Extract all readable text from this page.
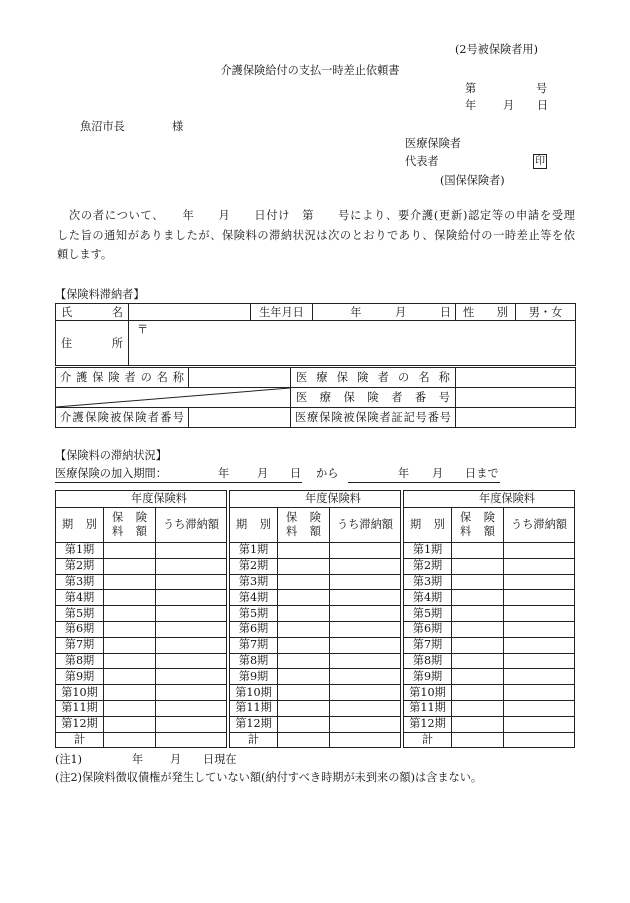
(2号被保険者用)
介護保険給付の支払一時差止依頼書
第	号
年 月 日
魚沼市長	様
医療保険者
代表者	印
(国保保険者)
　次の者について、　　年　　月　　日付け　第　　号により、要介護(更新)認定等の申請を受理
した旨の通知がありましたが、保険料の滞納状況は次のとおりであり、保険給付の一時差止等を依
頼します。
【保険料滞納者】
氏　　名		生年月日	年　　　月　　　日	性　別	男・女
住　　所	〒				
介 護 保 険 者 の 名 称		医 療 保 険 者 の 名 称	

	医 療 保 険 者 番 号	
介護保険被保険者番号		医療保険被保険者証記号番号	
【保険料の滞納状況】
医療保険の加入期間：	年 月 日 から	年 月 日まで
年度保険料		
期　別	保　険
料　額	うち滞納額
第1期		
第2期		
第3期		
第4期		
第5期		
第6期		
第7期		
第8期		
第9期		
第10期		
第11期		
第12期		
計		
年度保険料		
期　別	保　険
料　額	うち滞納額
第1期		
第2期		
第3期		
第4期		
第5期		
第6期		
第7期		
第8期		
第9期		
第10期		
第11期		
第12期		
計		
年度保険料		
期　別	保　険
料　額	うち滞納額
第1期		
第2期		
第3期		
第4期		
第5期		
第6期		
第7期		
第8期		
第9期		
第10期		
第11期		
第12期		
計		
(注1)	年 月 日現在
(注2)保険料徴収債権が発生していない額(納付すべき時期が未到来の額)は含まない。
